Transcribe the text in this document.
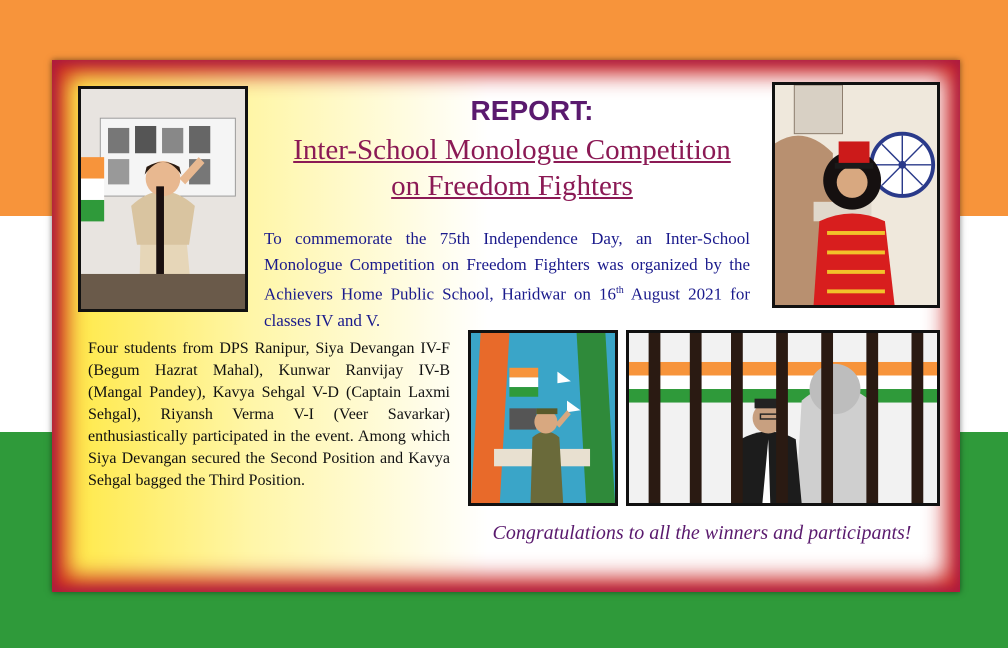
REPORT:
Inter-School Monologue Competition
on Freedom Fighters
To commemorate the 75th Independence Day, an Inter-School Monologue Competition on Freedom Fighters was organized by the Achievers Home Public School, Haridwar on 16th August 2021 for classes IV and V.
Four students from DPS Ranipur, Siya Devangan IV-F (Begum Hazrat Mahal), Kunwar Ranvijay IV-B (Mangal Pandey), Kavya Sehgal V-D (Captain Laxmi Sehgal), Riyansh Verma V-I (Veer Savarkar) enthusiastically participated in the event. Among which Siya Devangan secured the Second Position and Kavya Sehgal bagged the Third Position.
Congratulations to all the winners and participants!
